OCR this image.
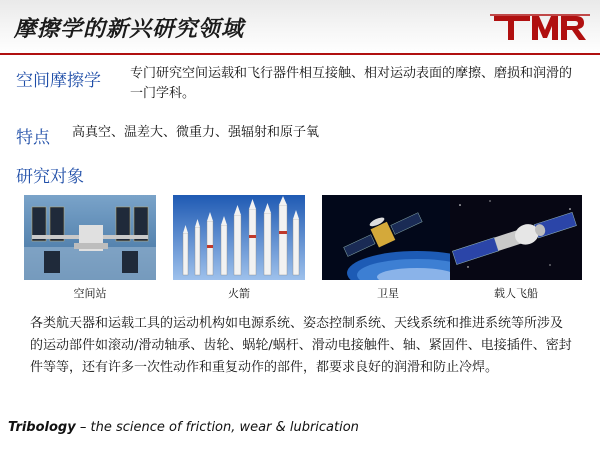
摩擦学的新兴研究领域
空间摩擦学 专门研究空间运载和飞行器件相互接触、相对运动表面的摩擦、磨损和润滑的一门学科。
特点 高真空、温差大、微重力、强辐射和原子氧
研究对象
空间站	火箭	卫星	载人飞船
各类航天器和运载工具的运动机构如电源系统、姿态控制系统、天线系统和推进系统等所涉及的运动部件如滚动/滑动轴承、齿轮、蜗轮/蜗杆、滑动电接触件、轴、紧固件、电接插件、密封件等等，还有许多一次性动作和重复动作的部件，都要求良好的润滑和防止冷焊。
Tribology – the science of friction, wear & lubrication
